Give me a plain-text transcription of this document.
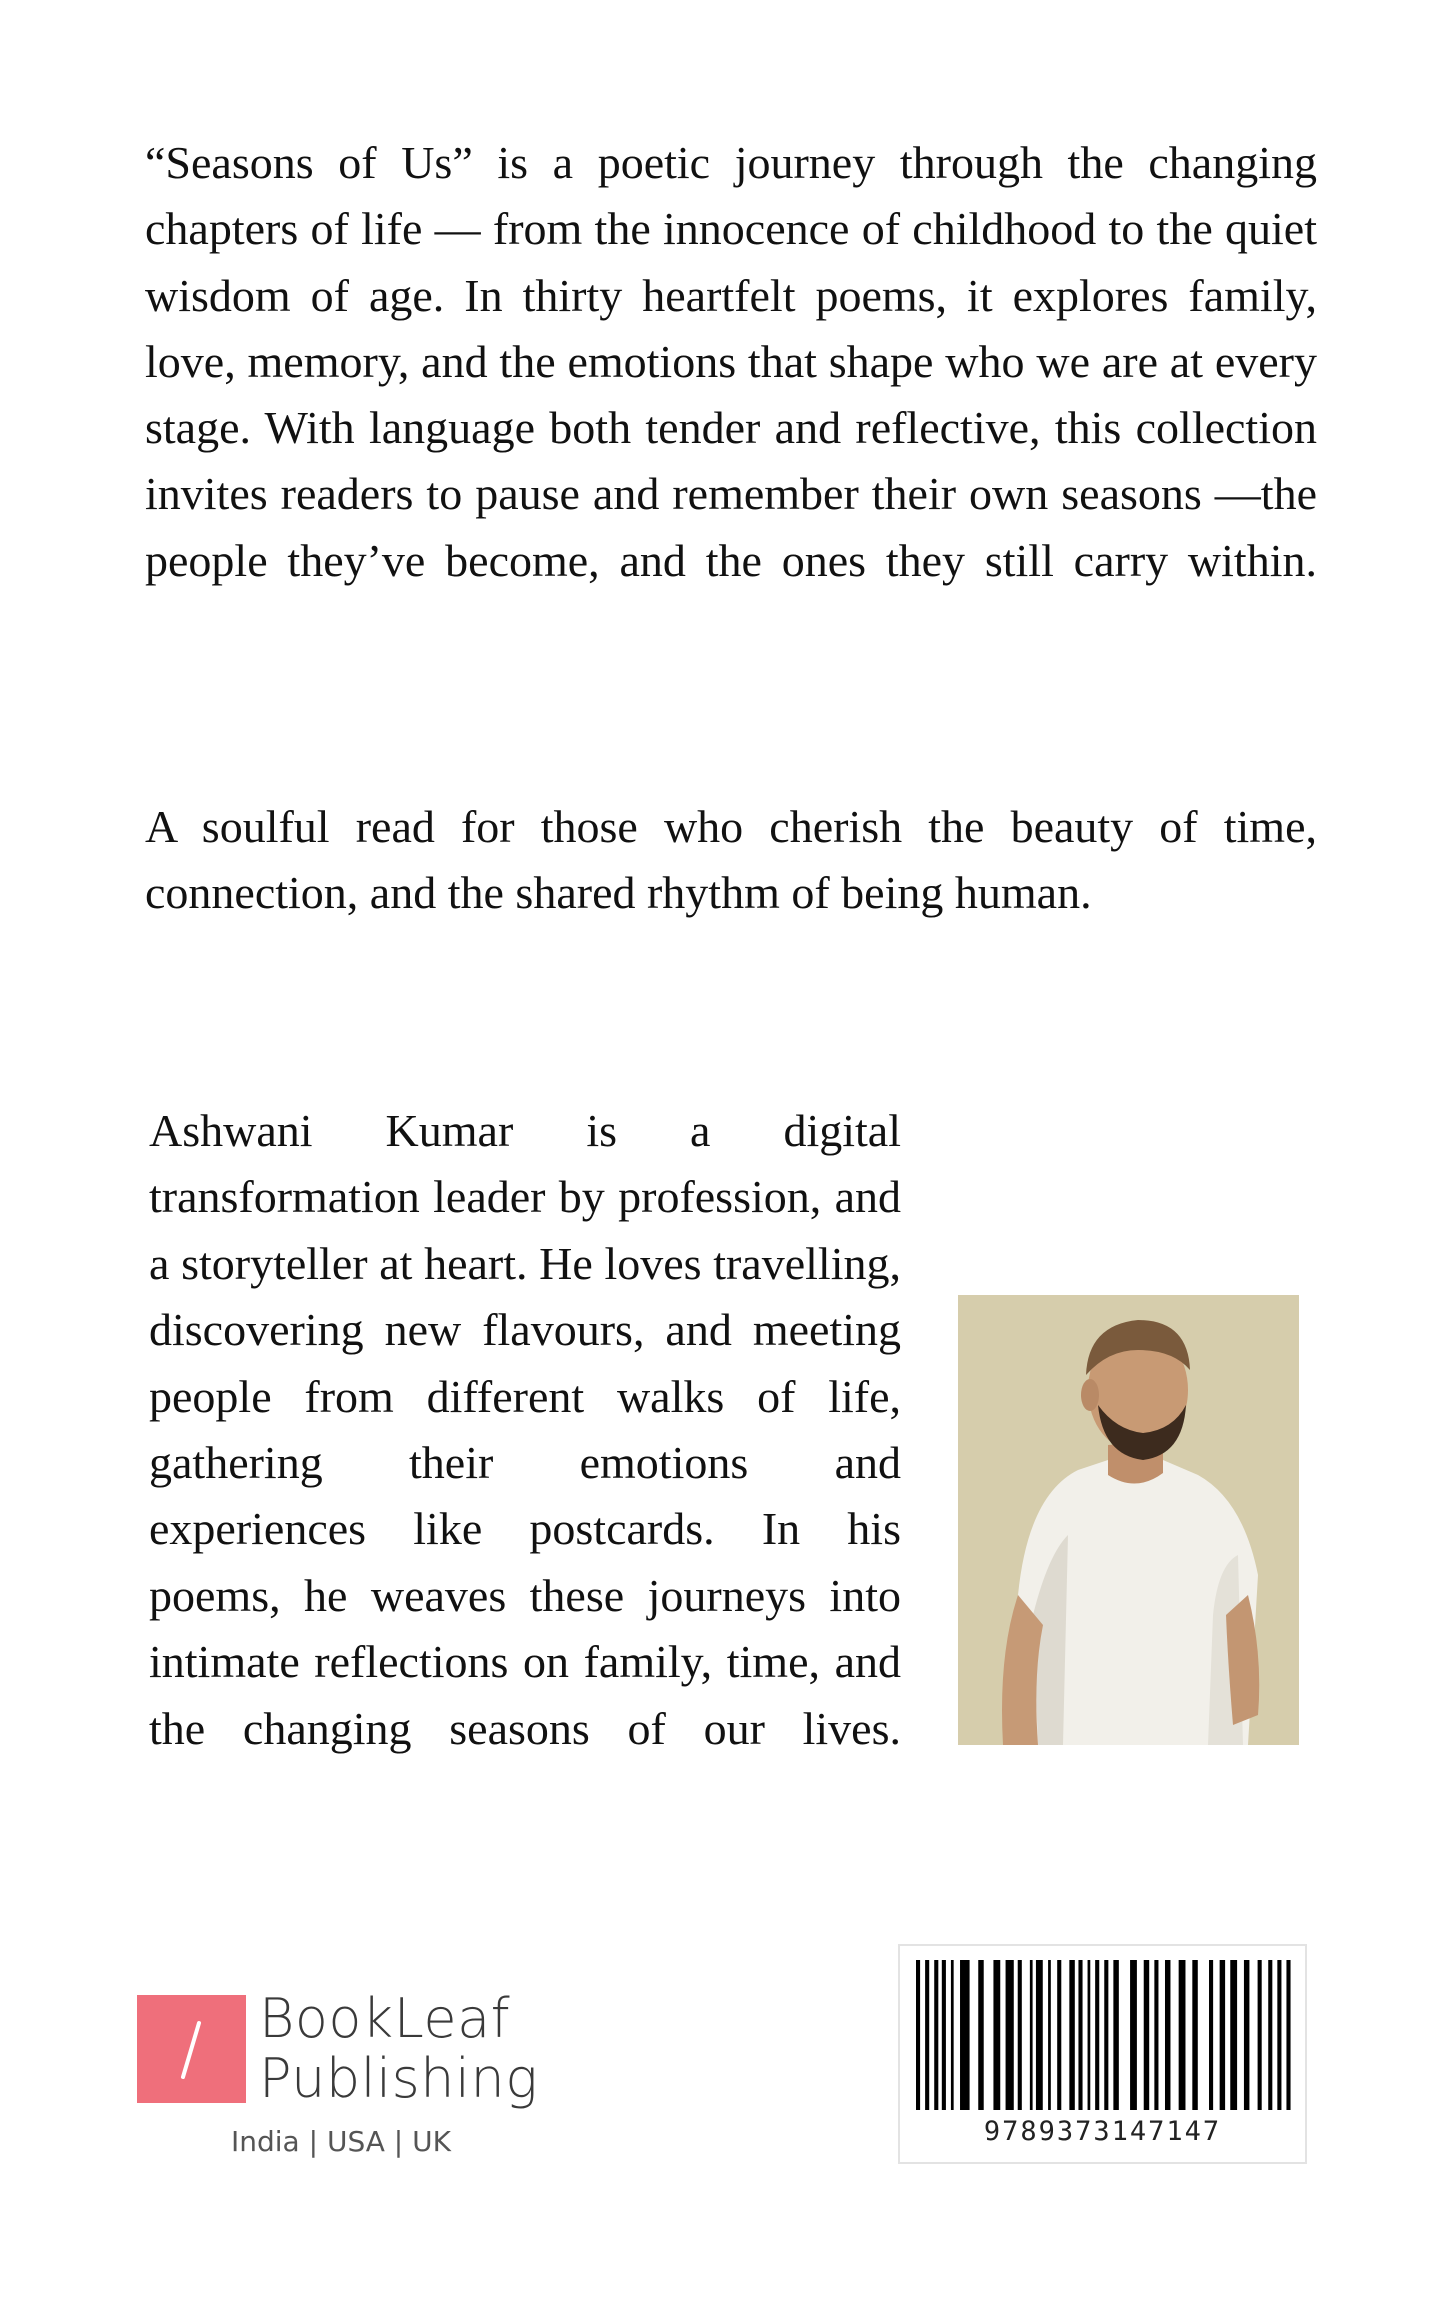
“Seasons of Us” is a poetic journey through the changing chapters of life — from the innocence of childhood to the quiet wisdom of age. In thirty heartfelt poems, it explores family, love, memory, and the emotions that shape who we are at every stage. With language both tender and reflective, this collection invites readers to pause and remember their own seasons —the people they’ve become, and the ones they still carry within.

A soulful read for those who cherish the beauty of time, connection, and the shared rhythm of being human.

Ashwani Kumar is a digital transformation leader by profession, and a storyteller at heart. He loves travelling, discovering new flavours, and meeting people from different walks of life, gathering their emotions and experiences like postcards. In his poems, he weaves these journeys into intimate reflections on family, time, and the changing seasons of our lives.

BookLeaf
Publishing
India | USA | UK	9789373147147
